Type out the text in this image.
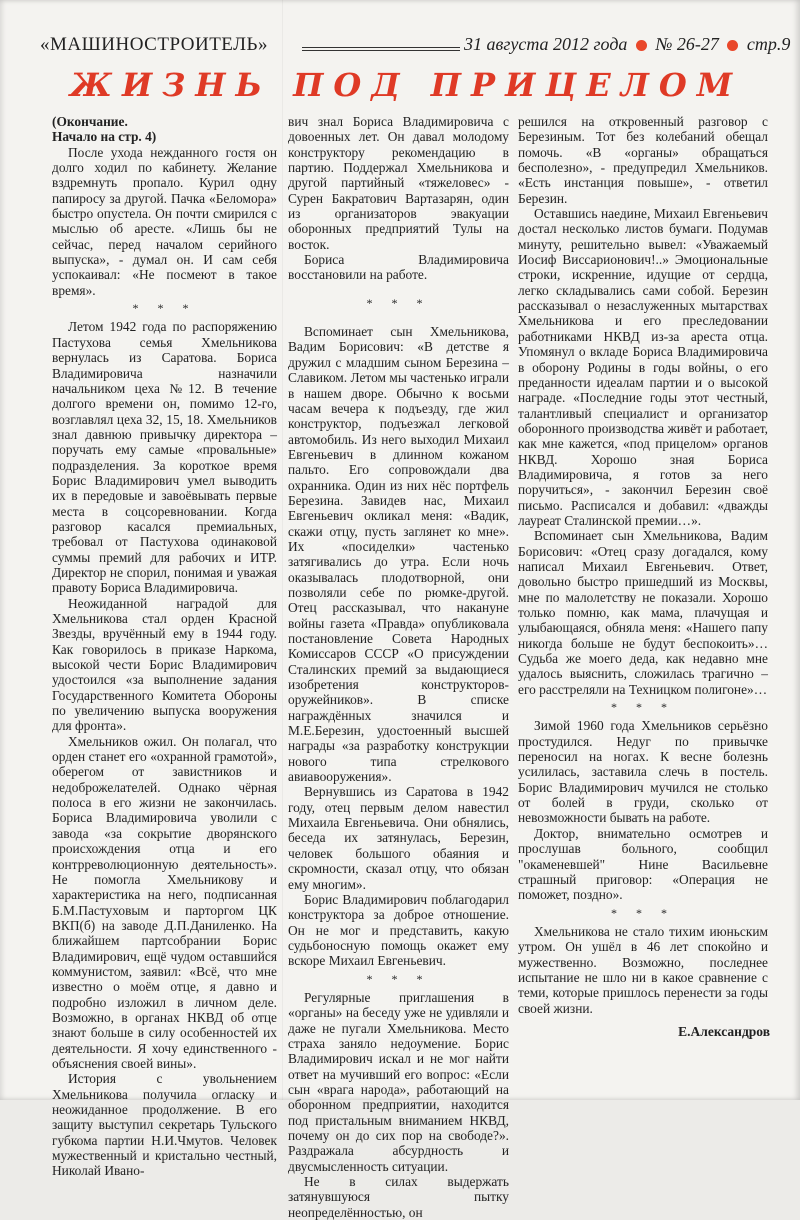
«МАШИНОСТРОИТЕЛЬ»	31 августа 2012 года № 26-27 стр.9
ЖИЗНЬ ПОД ПРИЦЕЛОМ

(Окончание.

Начало на стр. 4)

После ухода нежданного гостя он долго ходил по кабинету. Желание вздремнуть пропало. Курил одну папиросу за другой. Пачка «Беломора» быстро опустела. Он почти смирился с мыслью об аресте. «Лишь бы не сейчас, перед началом серийного выпуска», - думал он. И сам себя успокаивал: «Не посмеют в такое время».

* * *

Летом 1942 года по распоряжению Пастухова семья Хмельникова вернулась из Саратова. Бориса Владимировича назначили начальником цеха №12. В течение долгого времени он, помимо 12-го, возглавлял цеха 32, 15, 18. Хмельников знал давнюю привычку директора – поручать ему самые «провальные» подразделения. За короткое время Борис Владимирович умел выводить их в передовые и завоёвывать первые места в соцсоревновании. Когда разговор касался премиальных, требовал от Пастухова одинаковой суммы премий для рабочих и ИТР. Директор не спорил, понимая и уважая правоту Бориса Владимировича.

Неожиданной наградой для Хмельникова стал орден Красной Звезды, вручённый ему в 1944 году. Как говорилось в приказе Наркома, высокой чести Борис Владимирович удостоился «за выполнение задания Государственного Комитета Обороны по увеличению выпуска вооружения для фронта».

Хмельников ожил. Он полагал, что орден станет его «охранной грамотой», оберегом от завистников и недоброжелателей. Однако чёрная полоса в его жизни не закончилась. Бориса Владимировича уволили с завода «за сокрытие дворянского происхождения отца и его контрреволюционную деятельность». Не помогла Хмельникову и характеристика на него, подписанная Б.М.Пастуховым и парторгом ЦК ВКП(б) на заводе Д.П.Даниленко. На ближайшем партсобрании Борис Владимирович, ещё чудом оставшийся коммунистом, заявил: «Всё, что мне известно о моём отце, я давно и подробно изложил в личном деле. Возможно, в органах НКВД об отце знают больше в силу особенностей их деятельности. Я хочу единственного - объяснения своей вины».

История с увольнением Хмельникова получила огласку и неожиданное продолжение. В его защиту выступил секретарь Тульского губкома партии Н.И.Чмутов. Человек мужественный и кристально честный, Николай Ивано-

вич знал Бориса Владимировича с довоенных лет. Он давал молодому конструктору рекомендацию в партию. Поддержал Хмельникова и другой партийный «тяжеловес» - Сурен Бакратович Вартазарян, один из организаторов эвакуации оборонных предприятий Тулы на восток.

Бориса Владимировича восстановили на работе.

* * *

Вспоминает сын Хмельникова, Вадим Борисович: «В детстве я дружил с младшим сыном Березина – Славиком. Летом мы частенько играли в нашем дворе. Обычно к восьми часам вечера к подъезду, где жил конструктор, подъезжал легковой автомобиль. Из него выходил Михаил Евгеньевич в длинном кожаном пальто. Его сопровождали два охранника. Один из них нёс портфель Березина. Завидев нас, Михаил Евгеньевич окликал меня: «Вадик, скажи отцу, пусть заглянет ко мне». Их «посиделки» частенько затягивались до утра. Если ночь оказывалась плодотворной, они позволяли себе по рюмке-другой. Отец рассказывал, что накануне войны газета «Правда» опубликовала постановление Совета Народных Комиссаров СССР «О присуждении Сталинских премий за выдающиеся изобретения конструкторов-оружейников». В списке награждённых значился и М.Е.Березин, удостоенный высшей награды «за разработку конструкции нового типа стрелкового авиавооружения».

Вернувшись из Саратова в 1942 году, отец первым делом навестил Михаила Евгеньевича. Они обнялись, беседа их затянулась, Березин, человек большого обаяния и скромности, сказал отцу, что обязан ему многим».

Борис Владимирович поблагодарил конструктора за доброе отношение. Он не мог и представить, какую судьбоносную помощь окажет ему вскоре Михаил Евгеньевич.

* * *

Регулярные приглашения в «органы» на беседу уже не удивляли и даже не пугали Хмельникова. Место страха заняло недоумение. Борис Владимирович искал и не мог найти ответ на мучивший его вопрос: «Если сын «врага народа», работающий на оборонном предприятии, находится под пристальным вниманием НКВД, почему он до сих пор на свободе?». Раздражала абсурдность и двусмысленность ситуации.

Не в силах выдержать затянувшуюся пытку неопределённостью, он

решился на откровенный разговор с Березиным. Тот без колебаний обещал помочь. «В «органы» обращаться бесполезно», - предупредил Хмельников. «Есть инстанция повыше», - ответил Березин.

Оставшись наедине, Михаил Евгеньевич достал несколько листов бумаги. Подумав минуту, решительно вывел: «Уважаемый Иосиф Виссарионович!..» Эмоциональные строки, искренние, идущие от сердца, легко складывались сами собой. Березин рассказывал о незаслуженных мытарствах Хмельникова и его преследовании работниками НКВД из-за ареста отца. Упомянул о вкладе Бориса Владимировича в оборону Родины в годы войны, о его преданности идеалам партии и о высокой награде. «Последние годы этот честный, талантливый специалист и организатор оборонного производства живёт и работает, как мне кажется, «под прицелом» органов НКВД. Хорошо зная Бориса Владимировича, я готов за него поручиться», - закончил Березин своё письмо. Расписался и добавил: «дважды лауреат Сталинской премии…».

Вспоминает сын Хмельникова, Вадим Борисович: «Отец сразу догадался, кому написал Михаил Евгеньевич. Ответ, довольно быстро пришедший из Москвы, мне по малолетству не показали. Хорошо только помню, как мама, плачущая и улыбающаяся, обняла меня: «Нашего папу никогда больше не будут беспокоить»… Судьба же моего деда, как недавно мне удалось выяснить, сложилась трагично – его расстреляли на Техницком полигоне»…

* * *

Зимой 1960 года Хмельников серьёзно простудился. Недуг по привычке переносил на ногах. К весне болезнь усилилась, заставила слечь в постель. Борис Владимирович мучился не столько от болей в груди, сколько от невозможности бывать на работе.

Доктор, внимательно осмотрев и прослушав больного, сообщил "окаменевшей" Нине Васильевне страшный приговор: «Операция не поможет, поздно».

* * *

Хмельникова не стало тихим июньским утром. Он ушёл в 46 лет спокойно и мужественно. Возможно, последнее испытание не шло ни в какое сравнение с теми, которые пришлось перенести за годы своей жизни.

Е.Александров
